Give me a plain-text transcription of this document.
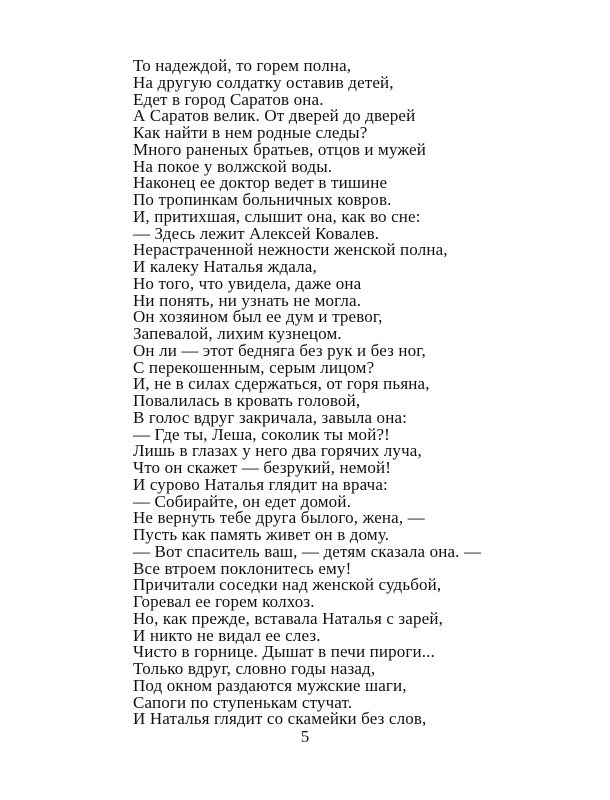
То надеждой, то горем полна,
На другую солдатку оставив детей,
Едет в город Саратов она.
А Саратов велик. От дверей до дверей
Как найти в нем родные следы?
Много раненых братьев, отцов и мужей
На покое у волжской воды.
Наконец ее доктор ведет в тишине
По тропинкам больничных ковров.
И, притихшая, слышит она, как во сне:
— Здесь лежит Алексей Ковалев.
Нерастраченной нежности женской полна,
И калеку Наталья ждала,
Но того, что увидела, даже она
Ни понять, ни узнать не могла.
Он хозяином был ее дум и тревог,
Запевалой, лихим кузнецом.
Он ли — этот бедняга без рук и без ног,
С перекошенным, серым лицом?
И, не в силах сдержаться, от горя пьяна,
Повалилась в кровать головой,
В голос вдруг закричала, завыла она:
— Где ты, Леша, соколик ты мой?!
Лишь в глазах у него два горячих луча,
Что он скажет — безрукий, немой!
И сурово Наталья глядит на врача:
— Собирайте, он едет домой.
Не вернуть тебе друга былого, жена, —
Пусть как память живет он в дому.
— Вот спаситель ваш, — детям сказала она. —
Все втроем поклонитесь ему!
Причитали соседки над женской судьбой,
Горевал ее горем колхоз.
Но, как прежде, вставала Наталья с зарей,
И никто не видал ее слез.
Чисто в горнице. Дышат в печи пироги...
Только вдруг, словно годы назад,
Под окном раздаются мужские шаги,
Сапоги по ступенькам стучат.
И Наталья глядит со скамейки без слов,
5
